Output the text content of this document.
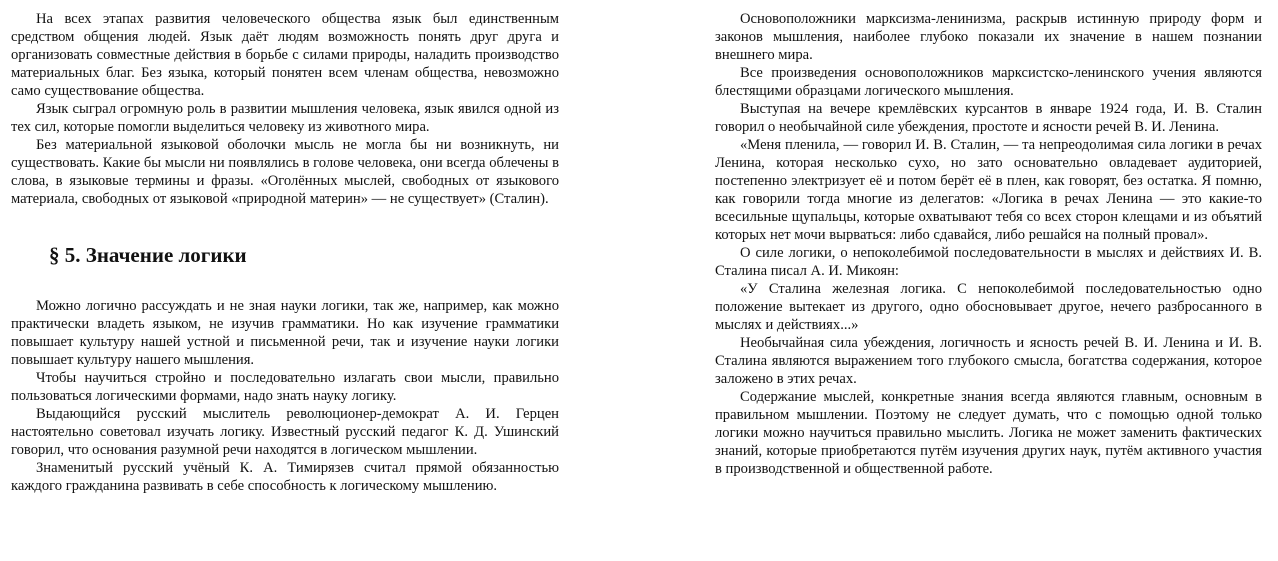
На всех этапах развития человеческого общества язык был единственным средством общения людей. Язык даёт людям возможность понять друг друга и организовать совместные действия в борьбе с силами природы, наладить производство материальных благ. Без языка, который понятен всем членам общества, невозможно само существование общества.

Язык сыграл огромную роль в развитии мышления человека, язык явился одной из тех сил, которые помогли выделиться человеку из животного мира.

Без материальной языковой оболочки мысль не могла бы ни возникнуть, ни существовать. Какие бы мысли ни появлялись в голове человека, они всегда облечены в слова, в языковые термины и фразы. «Оголённых мыслей, свободных от языкового материала, свободных от языковой «природной материн» — не существует» (Сталин).

§ 5. Значение логики

Можно логично рассуждать и не зная науки логики, так же, например, как можно практически владеть языком, не изучив грамматики. Но как изучение грамматики повышает культуру нашей устной и письменной речи, так и изучение науки логики повышает культуру нашего мышления.

Чтобы научиться стройно и последовательно излагать свои мысли, правильно пользоваться логическими формами, надо знать науку логику.

Выдающийся русский мыслитель революционер-демократ А. И. Герцен настоятельно советовал изучать логику. Известный русский педагог К. Д. Ушинский говорил, что основания разумной речи находятся в логическом мышлении.

Знаменитый русский учёный К. А. Тимирязев считал прямой обязанностью каждого гражданина развивать в себе способность к логическому мышлению.

Основоположники марксизма-ленинизма, раскрыв истинную природу форм и законов мышления, наиболее глубоко показали их значение в нашем познании внешнего мира.

Все произведения основоположников марксистско-ленинского учения являются блестящими образцами логического мышления.

Выступая на вечере кремлёвских курсантов в январе 1924 года, И. В. Сталин говорил о необычайной силе убеждения, простоте и ясности речей В. И. Ленина.

«Меня пленила, — говорил И. В. Сталин, — та непреодолимая сила логики в речах Ленина, которая несколько сухо, но зато основательно овладевает аудиторией, постепенно электризует её и потом берёт её в плен, как говорят, без остатка. Я помню, как говорили тогда многие из делегатов: «Логика в речах Ленина — это какие-то всесильные щупальцы, которые охватывают тебя со всех сторон клещами и из объятий которых нет мочи вырваться: либо сдавайся, либо решайся на полный провал».

О силе логики, о непоколебимой последовательности в мыслях и действиях И. В. Сталина писал А. И. Микоян:

«У Сталина железная логика. С непоколебимой последовательностью одно положение вытекает из другого, одно обосновывает другое, нечего разбросанного в мыслях и действиях...»

Необычайная сила убеждения, логичность и ясность речей В. И. Ленина и И. В. Сталина являются выражением того глубокого смысла, богатства содержания, которое заложено в этих речах.

Содержание мыслей, конкретные знания всегда являются главным, основным в правильном мышлении. Поэтому не следует думать, что с помощью одной только логики можно научиться правильно мыслить. Логика не может заменить фактических знаний, которые приобретаются путём изучения других наук, путём активного участия в производственной и общественной работе.
